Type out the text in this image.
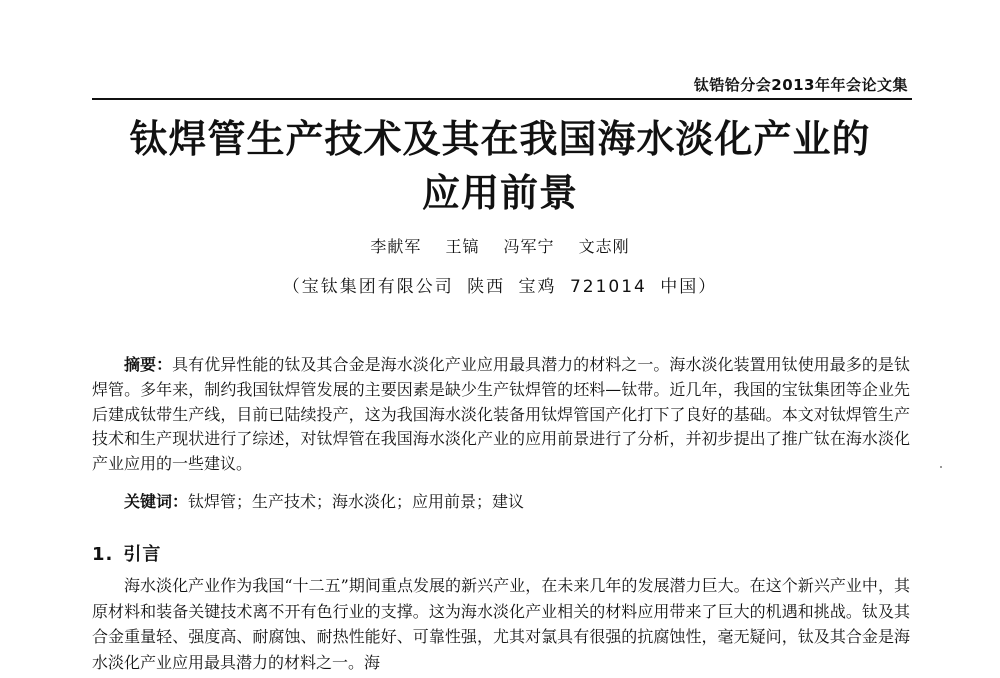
钛锆铪分会2013年年会论文集
钛焊管生产技术及其在我国海水淡化产业的
应用前景
李献军 王镐 冯军宁 文志刚
（宝钛集团有限公司 陕西 宝鸡 721014 中国）
摘要：具有优异性能的钛及其合金是海水淡化产业应用最具潜力的材料之一。海水淡化装置用钛使用最多的是钛焊管。多年来，制约我国钛焊管发展的主要因素是缺少生产钛焊管的坯料—钛带。近几年，我国的宝钛集团等企业先后建成钛带生产线，目前已陆续投产，这为我国海水淡化装备用钛焊管国产化打下了良好的基础。本文对钛焊管生产技术和生产现状进行了综述，对钛焊管在我国海水淡化产业的应用前景进行了分析，并初步提出了推广钛在海水淡化产业应用的一些建议。
关键词：钛焊管；生产技术；海水淡化；应用前景；建议
1. 引言
海水淡化产业作为我国“十二五”期间重点发展的新兴产业，在未来几年的发展潜力巨大。在这个新兴产业中，其原材料和装备关键技术离不开有色行业的支撑。这为海水淡化产业相关的材料应用带来了巨大的机遇和挑战。钛及其合金重量轻、强度高、耐腐蚀、耐热性能好、可靠性强，尤其对氯具有很强的抗腐蚀性，毫无疑问，钛及其合金是海水淡化产业应用最具潜力的材料之一。海
